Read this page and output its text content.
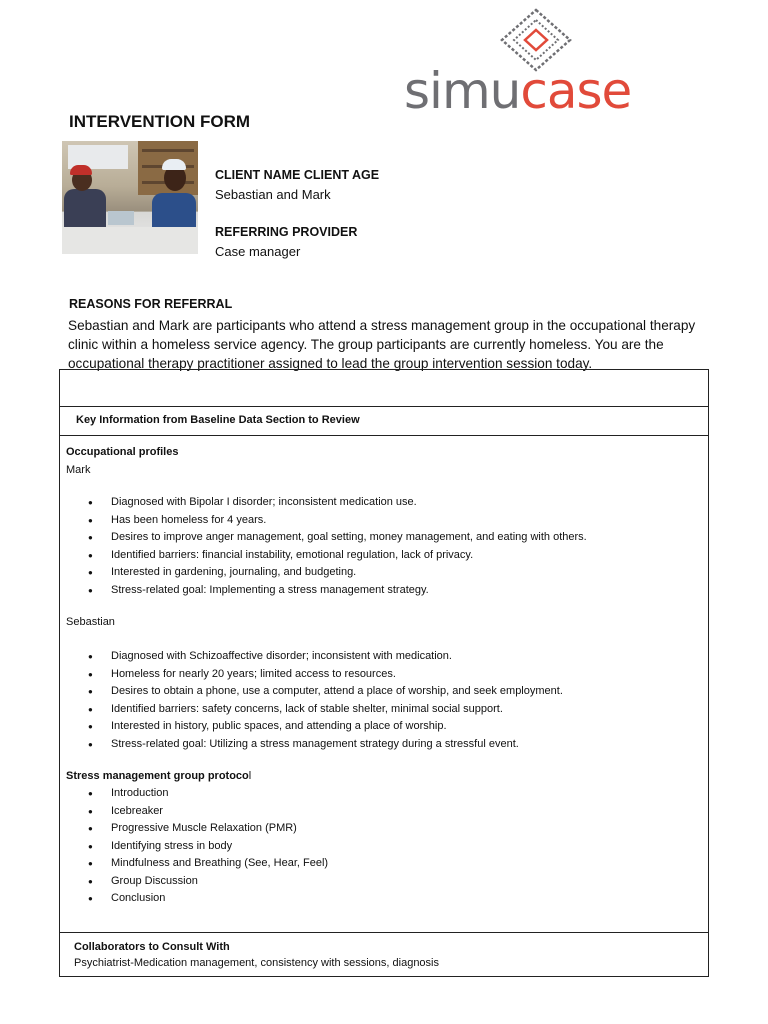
simucase
INTERVENTION FORM
CLIENT NAME CLIENT AGE
Sebastian and Mark
REFERRING PROVIDER
Case manager
REASONS FOR REFERRAL
Sebastian and Mark are participants who attend a stress management group in the occupational therapy clinic within a homeless service agency. The group participants are currently homeless. You are the occupational therapy practitioner assigned to lead the group intervention session today.
Key Information from Baseline Data Section to Review
Occupational profiles
Mark
● Diagnosed with Bipolar I disorder; inconsistent medication use.
● Has been homeless for 4 years.
● Desires to improve anger management, goal setting, money management, and eating with others.
● Identified barriers: financial instability, emotional regulation, lack of privacy.
● Interested in gardening, journaling, and budgeting.
● Stress-related goal: Implementing a stress management strategy.
Sebastian
● Diagnosed with Schizoaffective disorder; inconsistent with medication.
● Homeless for nearly 20 years; limited access to resources.
● Desires to obtain a phone, use a computer, attend a place of worship, and seek employment.
● Identified barriers: safety concerns, lack of stable shelter, minimal social support.
● Interested in history, public spaces, and attending a place of worship.
● Stress-related goal: Utilizing a stress management strategy during a stressful event.
Stress management group protocol
● Introduction
● Icebreaker
● Progressive Muscle Relaxation (PMR)
● Identifying stress in body
● Mindfulness and Breathing (See, Hear, Feel)
● Group Discussion
● Conclusion
Collaborators to Consult With
Psychiatrist-Medication management, consistency with sessions, diagnosis
